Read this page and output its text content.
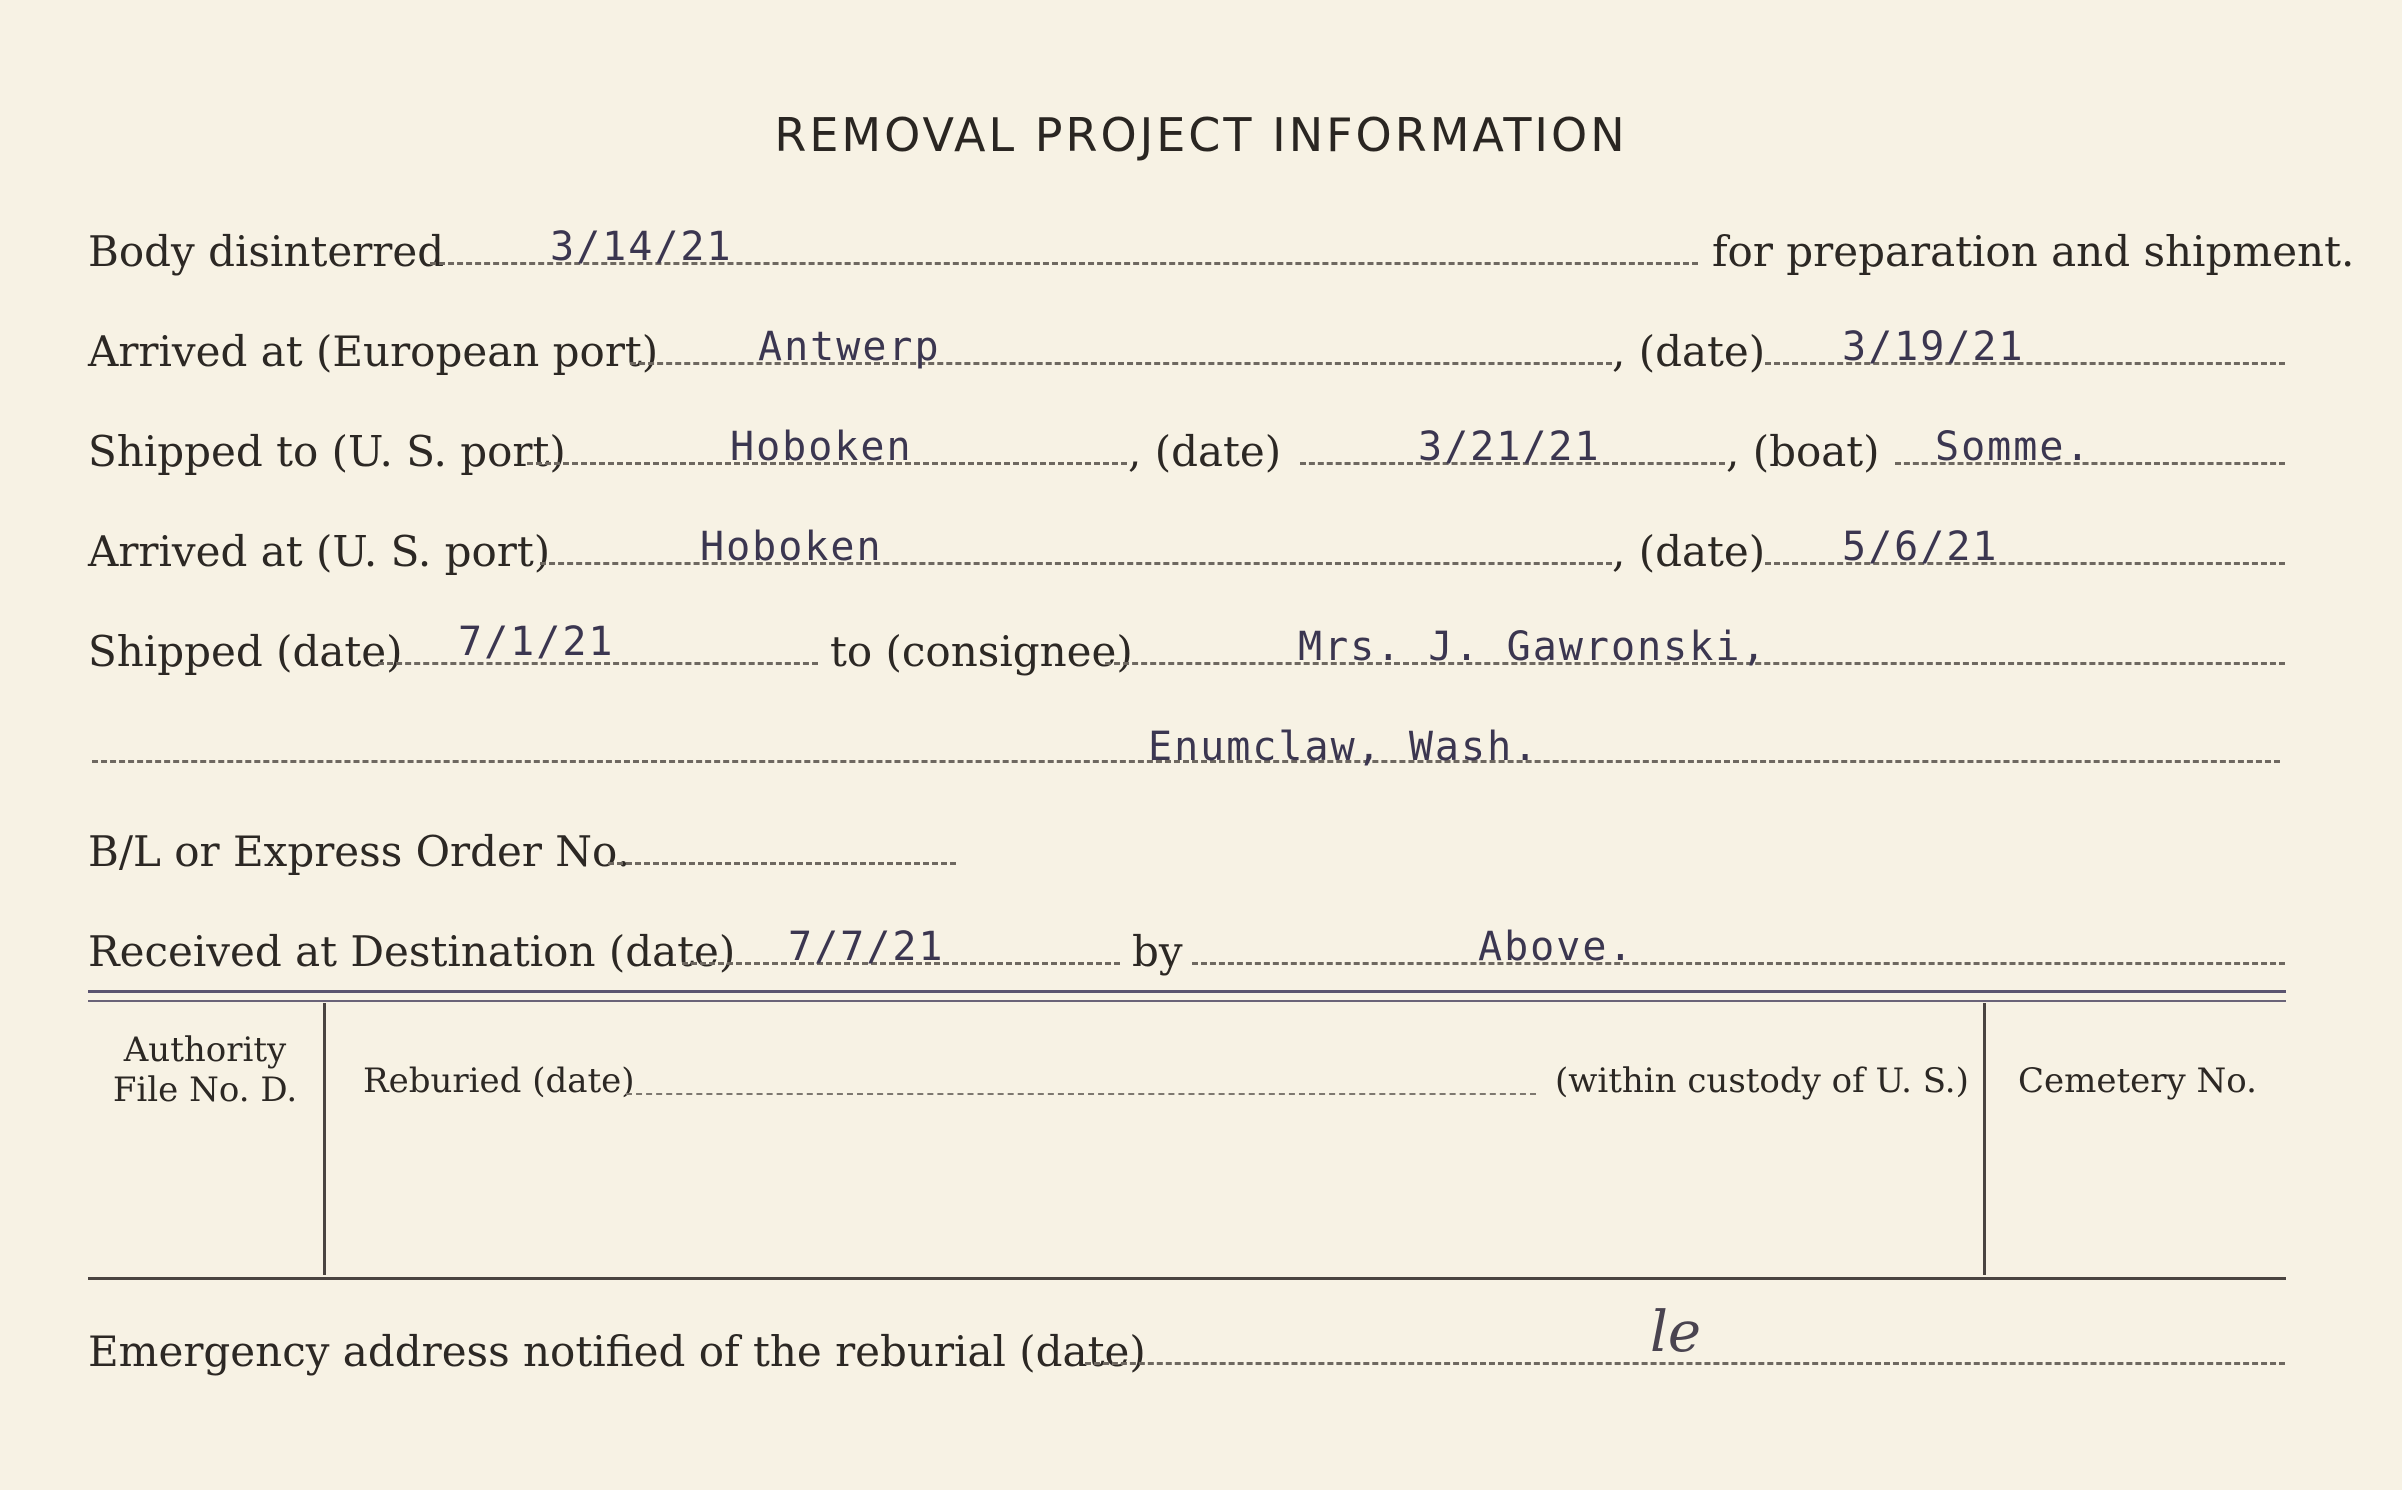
REMOVAL PROJECT INFORMATION
Body disinterred	3/14/21	for preparation and shipment.
Arrived at (European port) Antwerp	, (date) 3/19/21
Shipped to (U. S. port)	Hoboken	, (date)	3/21/21	, (boat) Somme.
Arrived at (U. S. port)	Hoboken	, (date) 5/6/21
Shipped (date) 7/1/21	to (consignee)	Mrs. J. Gawronski,
Enumclaw, Wash.
B/L or Express Order No.
Received at Destination (date) 7/7/21	by	Above.
Authority
File No. D.	Reburied (date)	(within custody of U. S.)	Cemetery No.
Emergency address notified of the reburial (date)	le
